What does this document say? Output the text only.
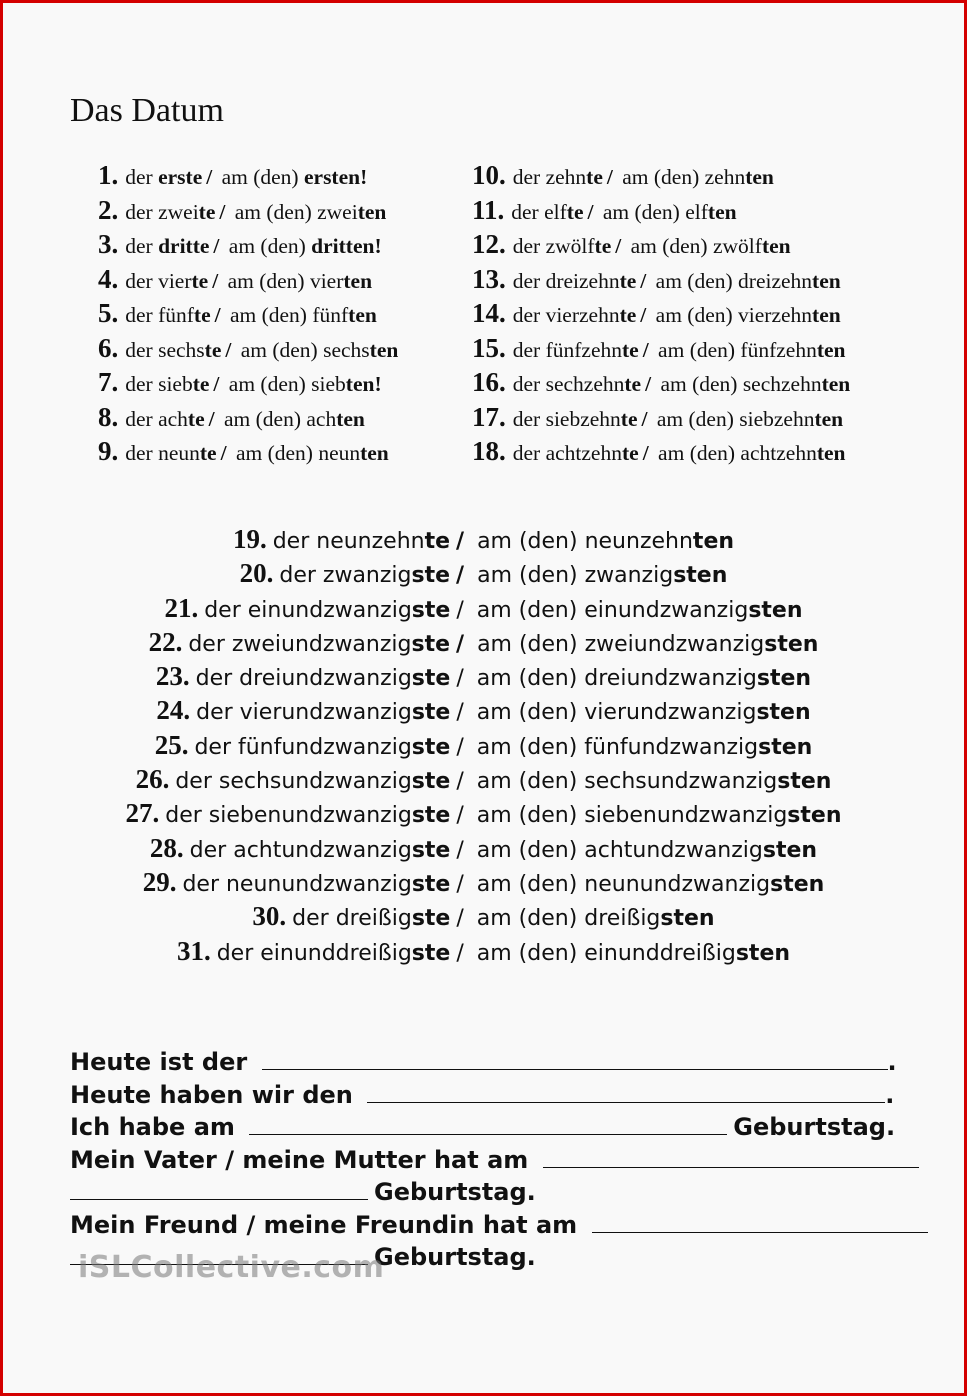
Das Datum
1. der erste / am (den) ersten!
2. der zweite / am (den) zweiten
3. der dritte / am (den) dritten!
4. der vierte / am (den) vierten
5. der fünfte / am (den) fünften
6. der sechste / am (den) sechsten
7. der siebte / am (den) siebten!
8. der achte / am (den) achten
9. der neunte / am (den) neunten
10. der zehnte / am (den) zehnten
11. der elfte / am (den) elften
12. der zwölfte / am (den) zwölften
13. der dreizehnte / am (den) dreizehnten
14. der vierzehnte / am (den) vierzehnten
15. der fünfzehnte / am (den) fünfzehnten
16. der sechzehnte / am (den) sechzehnten
17. der siebzehnte / am (den) siebzehnten
18. der achtzehnte / am (den) achtzehnten
19. der neunzehnte / am (den) neunzehnten
20. der zwanzigste / am (den) zwanzigsten
21. der einundzwanzigste / am (den) einundzwanzigsten
22. der zweiundzwanzigste / am (den) zweiundzwanzigsten
23. der dreiundzwanzigste / am (den) dreiundzwanzigsten
24. der vierundzwanzigste / am (den) vierundzwanzigsten
25. der fünfundzwanzigste / am (den) fünfundzwanzigsten
26. der sechsundzwanzigste / am (den) sechsundzwanzigsten
27. der siebenundzwanzigste / am (den) siebenundzwanzigsten
28. der achtundzwanzigste / am (den) achtundzwanzigsten
29. der neunundzwanzigste / am (den) neunundzwanzigsten
30. der dreißigste / am (den) dreißigsten
31. der einunddreißigste / am (den) einunddreißigsten
Heute ist der	.
Heute haben wir den	.
Ich habe am	Geburtstag.
Mein Vater / meine Mutter hat am
Geburtstag.
Mein Freund / meine Freundin hat am
Geburtstag.
iSLCollective.com
